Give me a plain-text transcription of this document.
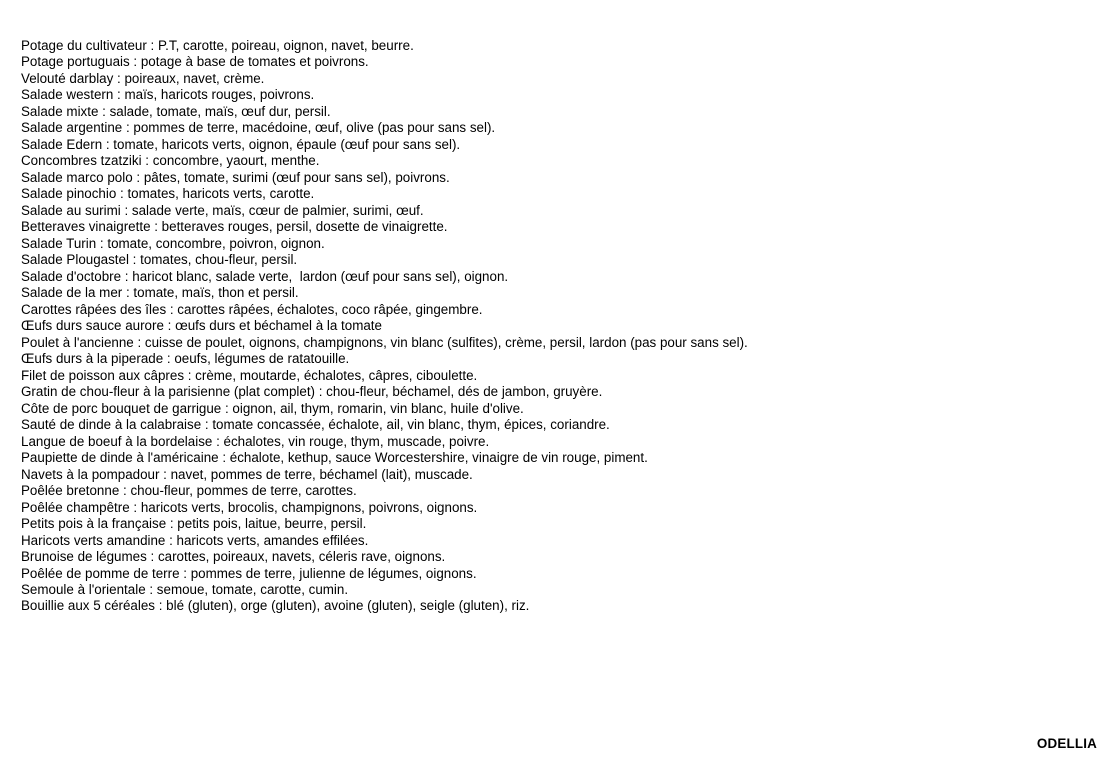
Potage du cultivateur : P.T, carotte, poireau, oignon, navet, beurre.
Potage portuguais : potage à base de tomates et poivrons.
Velouté darblay : poireaux, navet, crème.
Salade western : maïs, haricots rouges, poivrons.
Salade mixte : salade, tomate, maïs, œuf dur, persil.
Salade argentine : pommes de terre, macédoine, œuf, olive (pas pour sans sel).
Salade Edern : tomate, haricots verts, oignon, épaule (œuf pour sans sel).
Concombres tzatziki : concombre, yaourt, menthe.
Salade marco polo : pâtes, tomate, surimi (œuf pour sans sel), poivrons.
Salade pinochio : tomates, haricots verts, carotte.
Salade au surimi : salade verte, maïs, cœur de palmier, surimi, œuf.
Betteraves vinaigrette : betteraves rouges, persil, dosette de vinaigrette.
Salade Turin : tomate, concombre, poivron, oignon.
Salade Plougastel : tomates, chou-fleur, persil.
Salade d'octobre : haricot blanc, salade verte,  lardon (œuf pour sans sel), oignon.
Salade de la mer : tomate, maïs, thon et persil.
Carottes râpées des îles : carottes râpées, échalotes, coco râpée, gingembre.
Œufs durs sauce aurore : œufs durs et béchamel à la tomate
Poulet à l'ancienne : cuisse de poulet, oignons, champignons, vin blanc (sulfites), crème, persil, lardon (pas pour sans sel).
Œufs durs à la piperade : oeufs, légumes de ratatouille.
Filet de poisson aux câpres : crème, moutarde, échalotes, câpres, ciboulette.
Gratin de chou-fleur à la parisienne (plat complet) : chou-fleur, béchamel, dés de jambon, gruyère.
Côte de porc bouquet de garrigue : oignon, ail, thym, romarin, vin blanc, huile d'olive.
Sauté de dinde à la calabraise : tomate concassée, échalote, ail, vin blanc, thym, épices, coriandre.
Langue de boeuf à la bordelaise : échalotes, vin rouge, thym, muscade, poivre.
Paupiette de dinde à l'américaine : échalote, kethup, sauce Worcestershire, vinaigre de vin rouge, piment.
Navets à la pompadour : navet, pommes de terre, béchamel (lait), muscade.
Poêlée bretonne : chou-fleur, pommes de terre, carottes.
Poêlée champêtre : haricots verts, brocolis, champignons, poivrons, oignons.
Petits pois à la française : petits pois, laitue, beurre, persil.
Haricots verts amandine : haricots verts, amandes effilées.
Brunoise de légumes : carottes, poireaux, navets, céleris rave, oignons.
Poêlée de pomme de terre : pommes de terre, julienne de légumes, oignons.
Semoule à l'orientale : semoue, tomate, carotte, cumin.
Bouillie aux 5 céréales : blé (gluten), orge (gluten), avoine (gluten), seigle (gluten), riz.
ODELLIA
